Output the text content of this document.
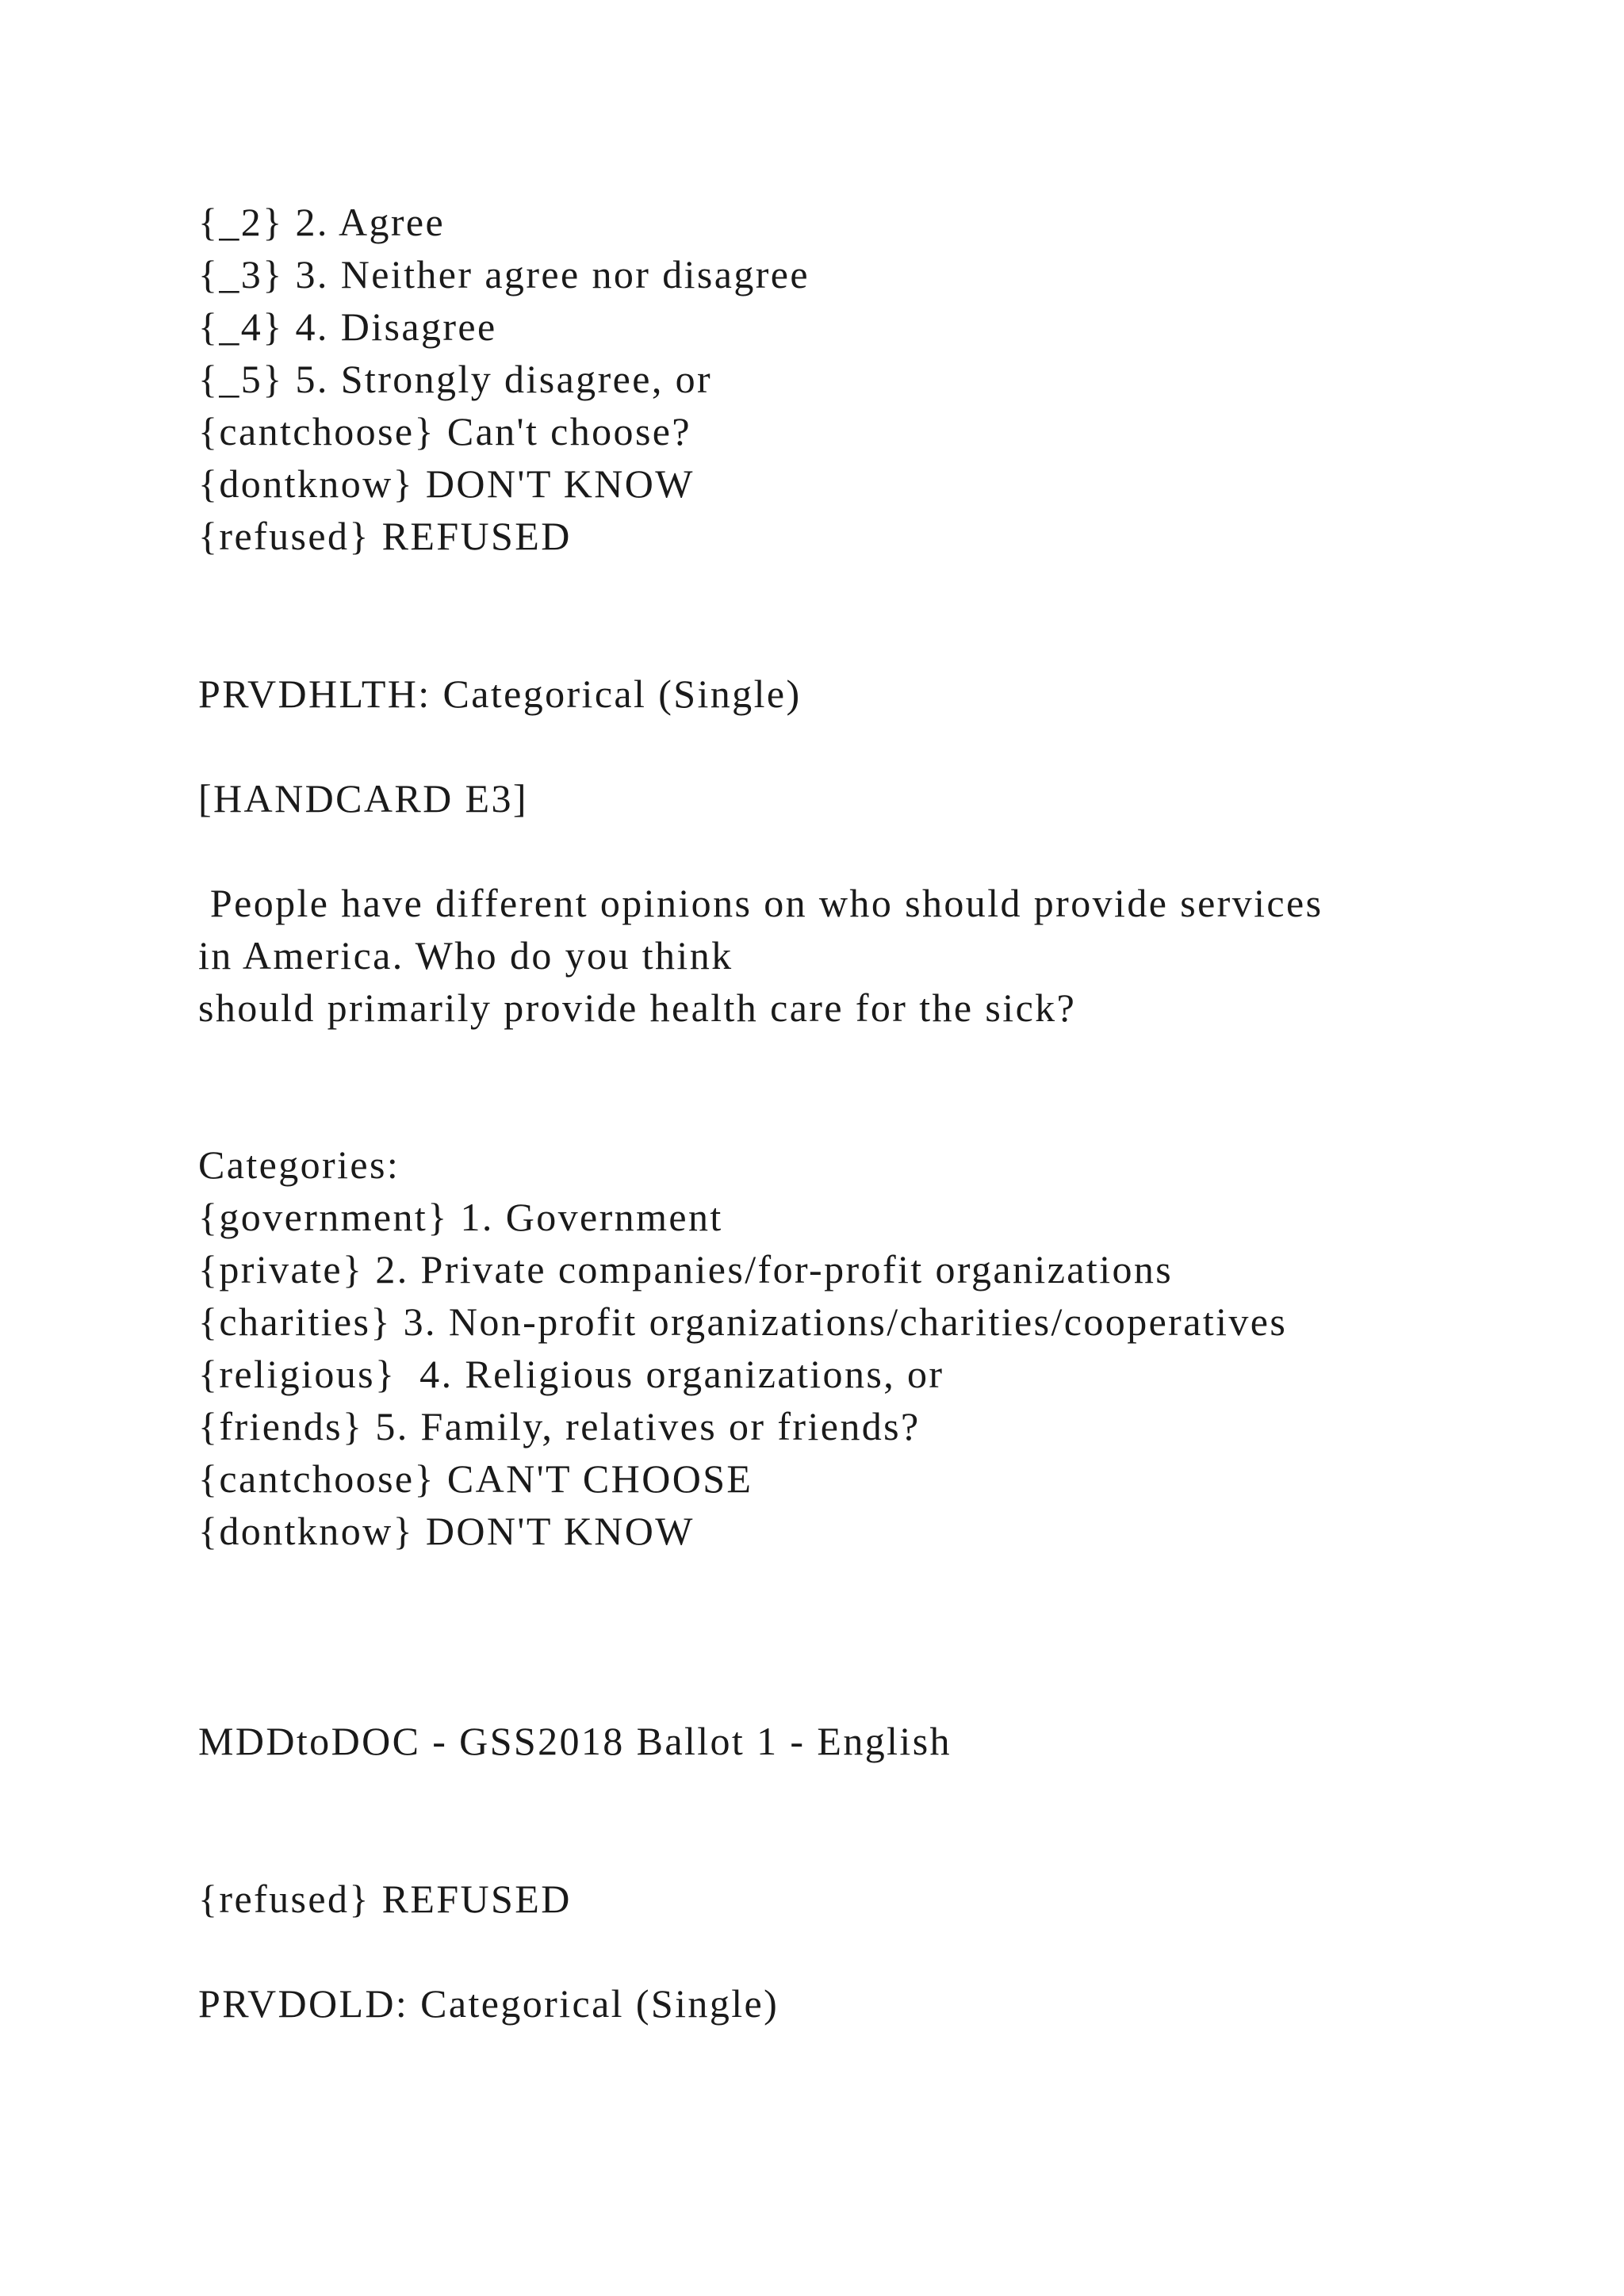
{_2} 2. Agree
{_3} 3. Neither agree nor disagree
{_4} 4. Disagree
{_5} 5. Strongly disagree, or
{cantchoose} Can't choose?
{dontknow} DON'T KNOW
{refused} REFUSED
PRVDHLTH: Categorical (Single)
[HANDCARD E3]
People have different opinions on who should provide services
in America. Who do you think
should primarily provide health care for the sick?
Categories:
{government} 1. Government
{private} 2. Private companies/for-profit organizations
{charities} 3. Non-profit organizations/charities/cooperatives
{religious}  4. Religious organizations, or
{friends} 5. Family, relatives or friends?
{cantchoose} CAN'T CHOOSE
{dontknow} DON'T KNOW
MDDtoDOC - GSS2018 Ballot 1 - English
{refused} REFUSED
PRVDOLD: Categorical (Single)
